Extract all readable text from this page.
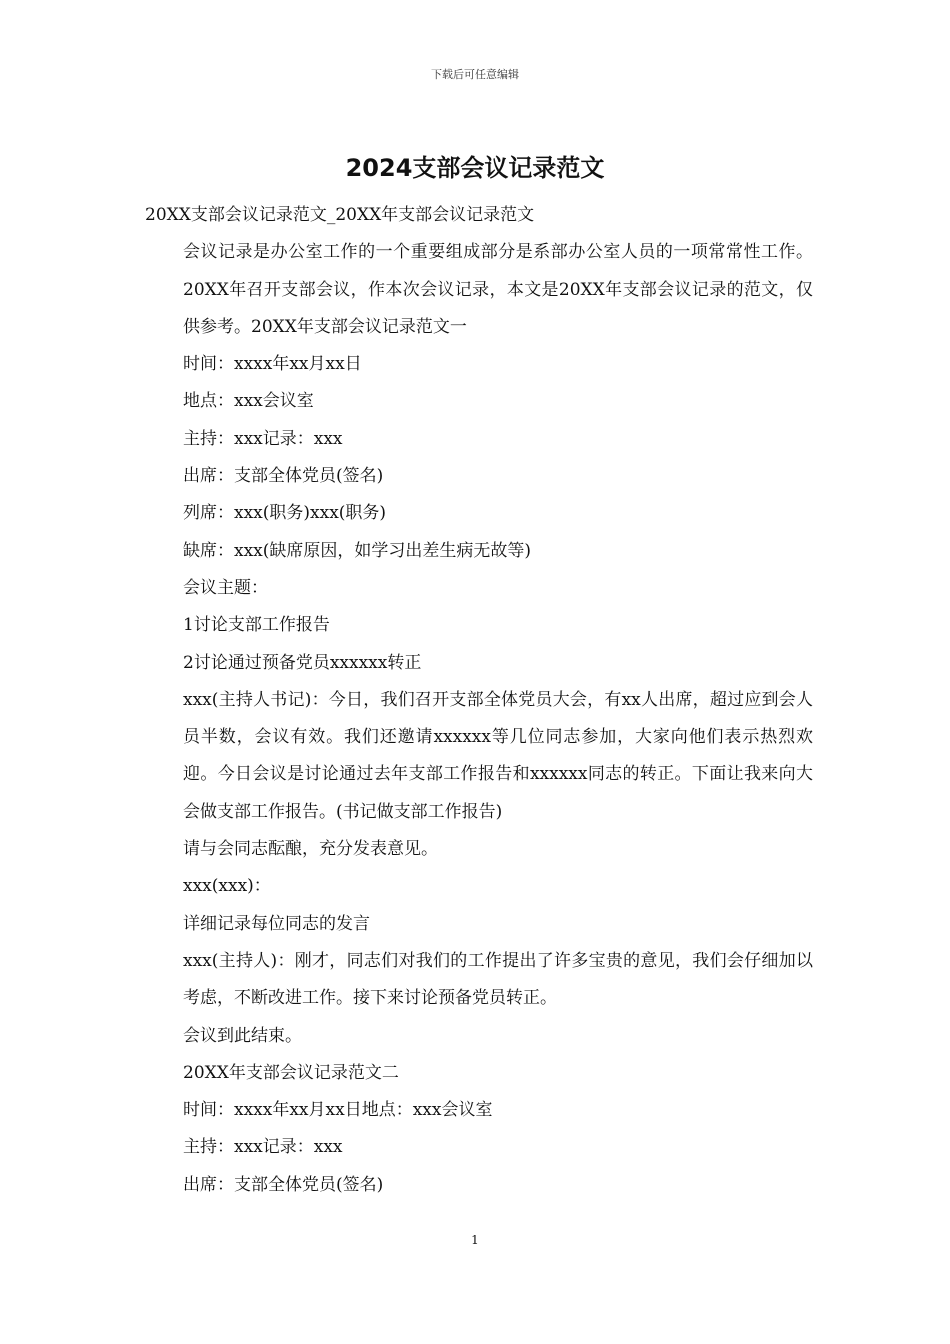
下载后可任意编辑
2024支部会议记录范文

20XX支部会议记录范文_20XX年支部会议记录范文

会议记录是办公室工作的一个重要组成部分是系部办公室人员的一项常常性工作。20XX年召开支部会议，作本次会议记录，本文是20XX年支部会议记录的范文，仅供参考。20XX年支部会议记录范文一

时间：xxxx年xx月xx日

地点：xxx会议室

主持：xxx记录：xxx

出席：支部全体党员(签名)

列席：xxx(职务)xxx(职务)

缺席：xxx(缺席原因，如学习出差生病无故等)

会议主题：

1讨论支部工作报告

2讨论通过预备党员xxxxxx转正

xxx(主持人书记)：今日，我们召开支部全体党员大会，有xx人出席，超过应到会人员半数，会议有效。我们还邀请xxxxxx等几位同志参加，大家向他们表示热烈欢迎。今日会议是讨论通过去年支部工作报告和xxxxxx同志的转正。下面让我来向大会做支部工作报告。(书记做支部工作报告)

请与会同志酝酿，充分发表意见。

xxx(xxx)：

详细记录每位同志的发言

xxx(主持人)：刚才，同志们对我们的工作提出了许多宝贵的意见，我们会仔细加以考虑，不断改进工作。接下来讨论预备党员转正。

会议到此结束。

20XX年支部会议记录范文二

时间：xxxx年xx月xx日地点：xxx会议室

主持：xxx记录：xxx

出席：支部全体党员(签名)

1
